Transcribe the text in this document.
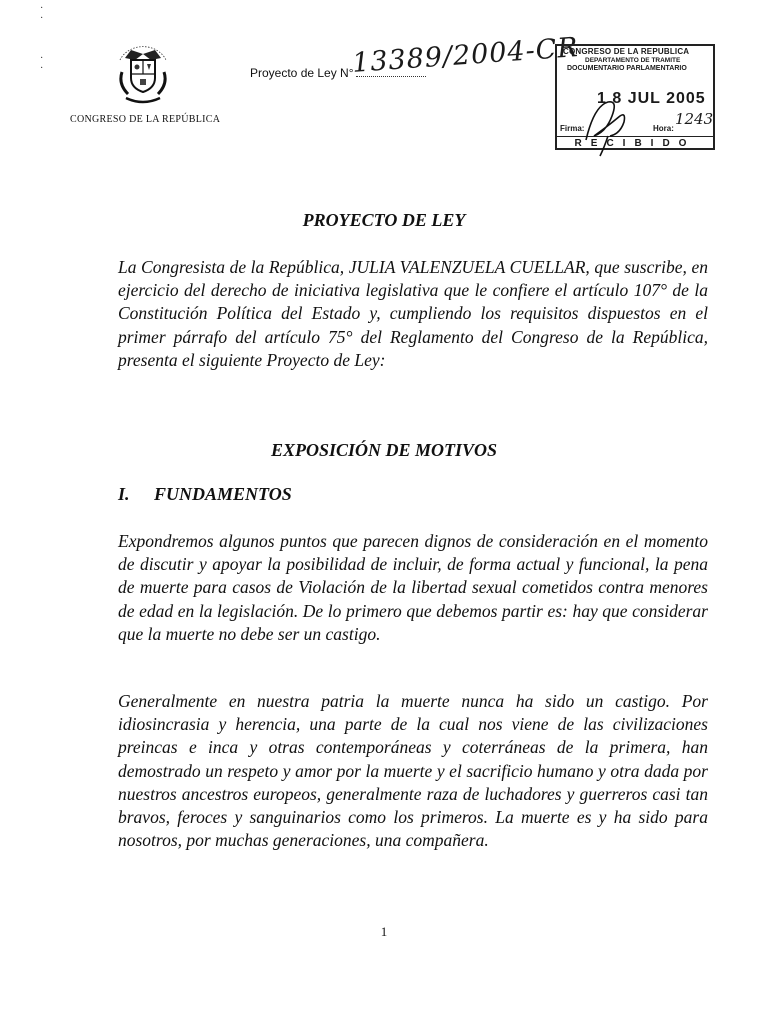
·
·

·
·
CONGRESO DE LA REPÚBLICA
Proyecto de Ley N°
13389/2004-CR
CONGRESO DE LA REPUBLICA
DEPARTAMENTO DE TRAMITE
DOCUMENTARIO PARLAMENTARIO
1 8 JUL 2005
Firma:	Hora:
1243
RECIBIDO
PROYECTO DE LEY

La Congresista de la República, JULIA VALENZUELA CUELLAR, que suscribe, en ejercicio del derecho de iniciativa legislativa que le confiere el artículo 107° de la Constitución Política del Estado y, cumpliendo los requisitos dispuestos en el primer párrafo del artículo 75° del Reglamento del Congreso de la República, presenta el siguiente Proyecto de Ley:

EXPOSICIÓN DE MOTIVOS
I. FUNDAMENTOS

Expondremos algunos puntos que parecen dignos de consideración en el momento de discutir y apoyar la posibilidad de incluir, de forma actual y funcional, la pena de muerte para casos de Violación de la libertad sexual cometidos contra menores de edad en la legislación. De lo primero que debemos partir es: hay que considerar que la muerte no debe ser un castigo.

Generalmente en nuestra patria la muerte nunca ha sido un castigo. Por idiosincrasia y herencia, una parte de la cual nos viene de las civilizaciones preincas e inca y otras contemporáneas y coterráneas de la primera, han demostrado un respeto y amor por la muerte y el sacrificio humano y otra dada por nuestros ancestros europeos, generalmente raza de luchadores y guerreros casi tan bravos, feroces y sanguinarios como los primeros. La muerte es y ha sido para nosotros, por muchas generaciones, una compañera.

1
